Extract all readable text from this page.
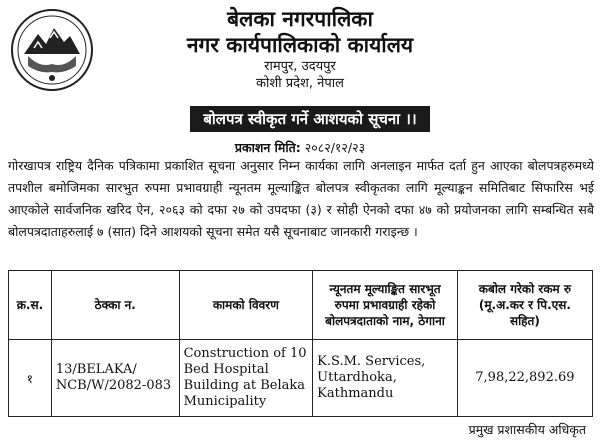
बेलका नगरपालिका
नगर कार्यपालिकाको कार्यालय
रामपुर, उदयपुर
कोशी प्रदेश, नेपाल
बोलपत्र स्वीकृत गर्ने आशयको सूचना ।।
प्रकाशन मिति: २०८२/१२/२३
गोरखापत्र राष्ट्रिय दैनिक पत्रिकामा प्रकाशित सूचना अनुसार निम्न कार्यका लागि अनलाइन मार्फत दर्ता हुन आएका बोलपत्रहरुमध्ये तपशील बमोजिमका सारभुत रुपमा प्रभावग्राही न्यूनतम मूल्याङ्कित बोलपत्र स्वीकृतका लागि मूल्याङ्कन समितिबाट सिफारिस भई आएकोले सार्वजनिक खरिद ऐन, २०६३ को दफा २७ को उपदफा (३) र सोही ऐनको दफा ४७ को प्रयोजनका लागि सम्बन्धित सबै बोलपत्रदाताहरुलाई ७ (सात) दिने आशयको सूचना समेत यसै सूचनाबाट जानकारी गराइन्छ ।
क्र.स.	ठेक्का न.	कामको विवरण	न्यूनतम मूल्याङ्कित सारभूत रुपमा प्रभावग्राही रहेको बोलपत्रदाताको नाम, ठेगाना	कबोल गरेको रकम रु (मू.अ.कर र पि.एस. सहित)
१	13/BELAKA/ NCB/W/2082-083	Construction of 10 Bed Hospital Building at Belaka Municipality	K.S.M. Services, Uttardhoka, Kathmandu	7,98,22,892.69
प्रमुख प्रशासकीय अधिकृत
